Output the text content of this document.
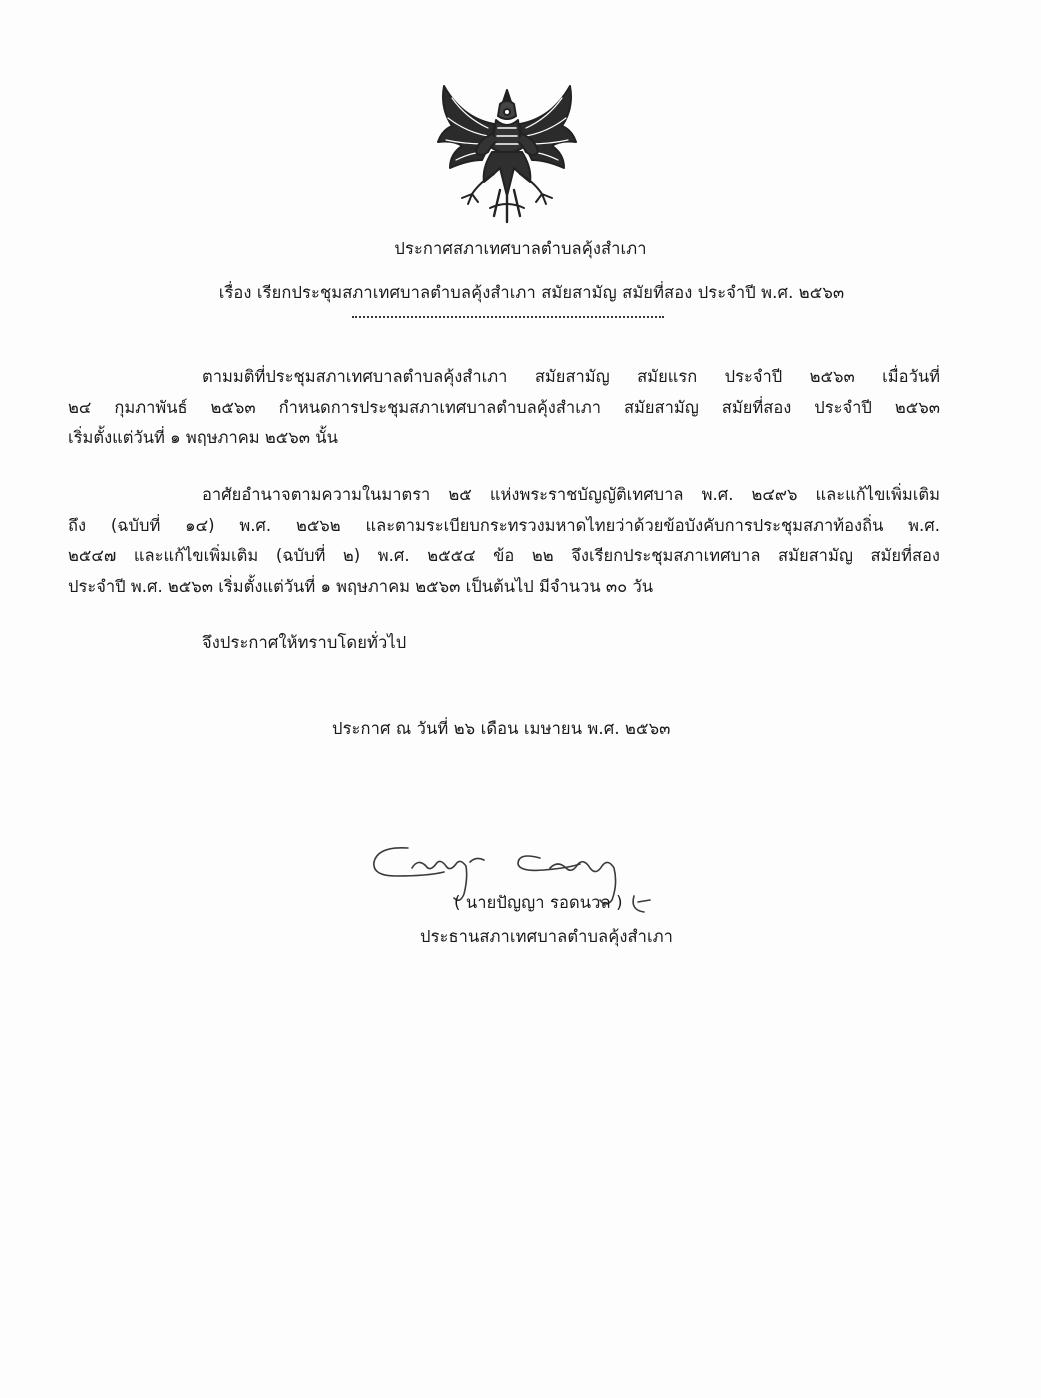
ประกาศสภาเทศบาลตำบลคุ้งสำเภา
เรื่อง เรียกประชุมสภาเทศบาลตำบลคุ้งสำเภา สมัยสามัญ สมัยที่สอง ประจำปี พ.ศ. ๒๕๖๓
ตามมติที่ประชุมสภาเทศบาลตำบลคุ้งสำเภา สมัยสามัญ สมัยแรก ประจำปี ๒๕๖๓ เมื่อวันที่
๒๔ กุมภาพันธ์ ๒๕๖๓ กำหนดการประชุมสภาเทศบาลตำบลคุ้งสำเภา สมัยสามัญ สมัยที่สอง ประจำปี ๒๕๖๓
เริ่มตั้งแต่วันที่ ๑ พฤษภาคม ๒๕๖๓ นั้น
อาศัยอำนาจตามความในมาตรา ๒๕ แห่งพระราชบัญญัติเทศบาล พ.ศ. ๒๔๙๖ และแก้ไขเพิ่มเติม
ถึง (ฉบับที่ ๑๔) พ.ศ. ๒๕๖๒ และตามระเบียบกระทรวงมหาดไทยว่าด้วยข้อบังคับการประชุมสภาท้องถิ่น พ.ศ.
๒๕๔๗ และแก้ไขเพิ่มเติม (ฉบับที่ ๒) พ.ศ. ๒๕๕๔ ข้อ ๒๒ จึงเรียกประชุมสภาเทศบาล สมัยสามัญ สมัยที่สอง
ประจำปี พ.ศ. ๒๕๖๓ เริ่มตั้งแต่วันที่ ๑ พฤษภาคม ๒๕๖๓ เป็นต้นไป มีจำนวน ๓๐ วัน
จึงประกาศให้ทราบโดยทั่วไป
ประกาศ ณ วันที่ ๒๖ เดือน เมษายน พ.ศ. ๒๕๖๓
( นายปัญญา รอดนวล )
ประธานสภาเทศบาลตำบลคุ้งสำเภา
